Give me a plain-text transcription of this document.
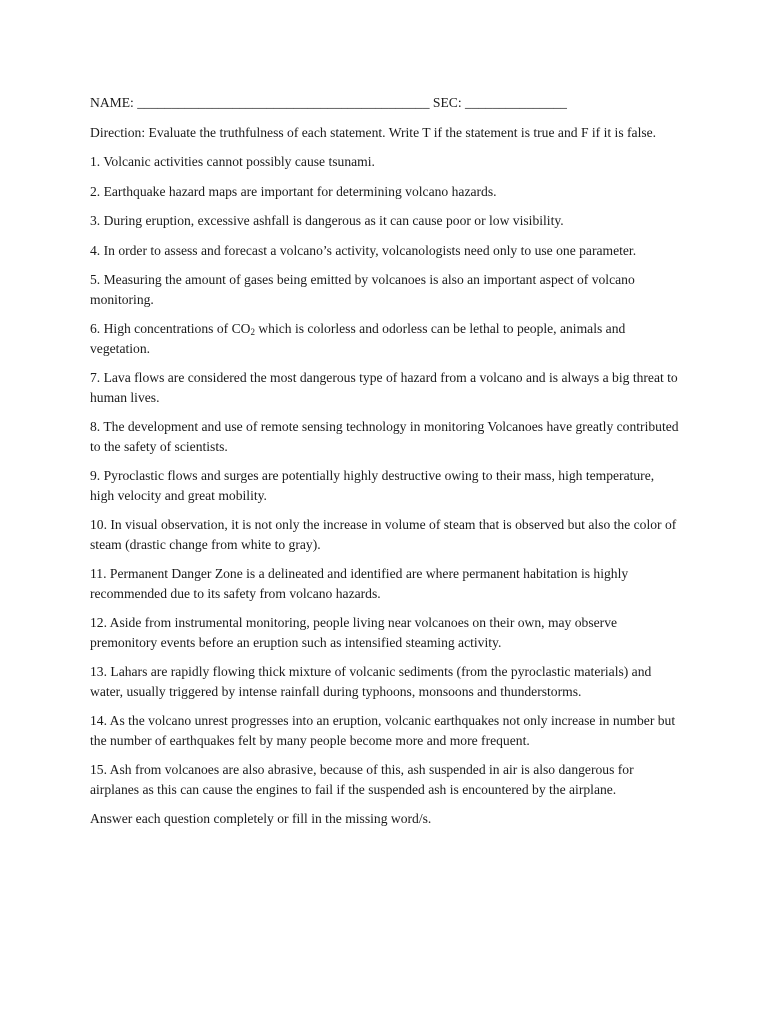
NAME: ___________________________________________ SEC: _______________

Direction: Evaluate the truthfulness of each statement. Write T if the statement is true and F if it is false.

1. Volcanic activities cannot possibly cause tsunami.

2. Earthquake hazard maps are important for determining volcano hazards.

3. During eruption, excessive ashfall is dangerous as it can cause poor or low visibility.

4. In order to assess and forecast a volcano’s activity, volcanologists need only to use one parameter.

5. Measuring the amount of gases being emitted by volcanoes is also an important aspect of volcano monitoring.

6. High concentrations of $CO_2$ which is colorless and odorless can be lethal to people, animals and vegetation.

7. Lava flows are considered the most dangerous type of hazard from a volcano and is always a big threat to human lives.

8. The development and use of remote sensing technology in monitoring Volcanoes have greatly contributed to the safety of scientists.

9. Pyroclastic flows and surges are potentially highly destructive owing to their mass, high temperature, high velocity and great mobility.

10. In visual observation, it is not only the increase in volume of steam that is observed but also the color of steam (drastic change from white to gray).

11. Permanent Danger Zone is a delineated and identified are where permanent habitation is highly recommended due to its safety from volcano hazards.

12. Aside from instrumental monitoring, people living near volcanoes on their own, may observe premonitory events before an eruption such as intensified steaming activity.

13. Lahars are rapidly flowing thick mixture of volcanic sediments (from the pyroclastic materials) and water, usually triggered by intense rainfall during typhoons, monsoons and thunderstorms.

14. As the volcano unrest progresses into an eruption, volcanic earthquakes not only increase in number but the number of earthquakes felt by many people become more and more frequent.

15. Ash from volcanoes are also abrasive, because of this, ash suspended in air is also dangerous for airplanes as this can cause the engines to fail if the suspended ash is encountered by the airplane.

Answer each question completely or fill in the missing word/s.
